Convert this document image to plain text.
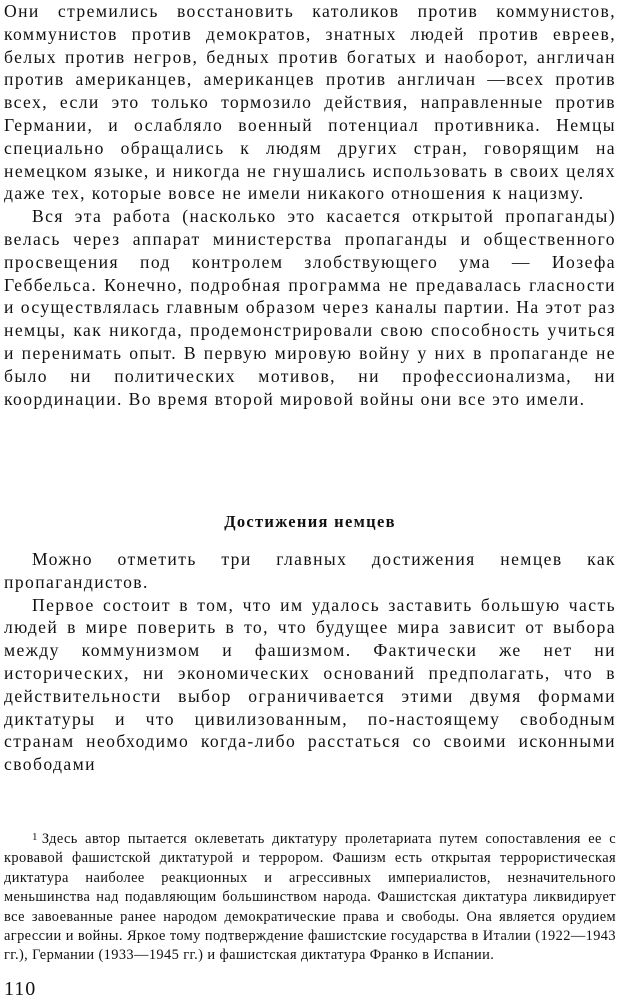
Они стремились восстановить католиков против коммунистов, коммунистов против демократов, знатных людей против евреев, белых против негров, бедных против богатых и наоборот, англичан против американцев, американцев против англичан —всех против всех, если это только тормозило действия, направленные против Германии, и ослабляло военный потенциал противника. Немцы специально обращались к людям других стран, говорящим на немецком языке, и никогда не гнушались использовать в своих целях даже тех, которые вовсе не имели никакого отношения к нацизму.

Вся эта работа (насколько это касается открытой пропаганды) велась через аппарат министерства пропаганды и общественного просвещения под контролем злобствующего ума — Иозефа Геббельса. Конечно, подробная программа не предавалась гласности и осуществлялась главным образом через каналы партии. На этот раз немцы, как никогда, продемонстрировали свою способность учиться и перенимать опыт. В первую мировую войну у них в пропаганде не было ни политических мотивов, ни профессионализма, ни координации. Во время второй мировой войны они все это имели.

Достижения немцев

Можно отметить три главных достижения немцев как пропагандистов.

Первое состоит в том, что им удалось заставить большую часть людей в мире поверить в то, что будущее мира зависит от выбора между коммунизмом и фашизмом. Фактически же нет ни исторических, ни экономических оснований предполагать, что в действительности выбор ограничивается этими двумя формами диктатуры и что цивилизованным, по-настоящему свободным странам необходимо когда-либо расстаться со своими исконными свободами

$^1$ Здесь автор пытается оклеветать диктатуру пролетариата путем сопоставления ее с кровавой фашистской диктатурой и террором. Фашизм есть открытая террористическая диктатура наиболее реакционных и агрессивных империалистов, незначительного меньшинства над подавляющим большинством народа. Фашистская диктатура ликвидирует все завоеванные ранее народом демократические права и свободы. Она является орудием агрессии и войны. Яркое тому подтверждение фашистские государства в Италии (1922—1943 гг.), Германии (1933—1945 гг.) и фашистская диктатура Франко в Испании.

110
